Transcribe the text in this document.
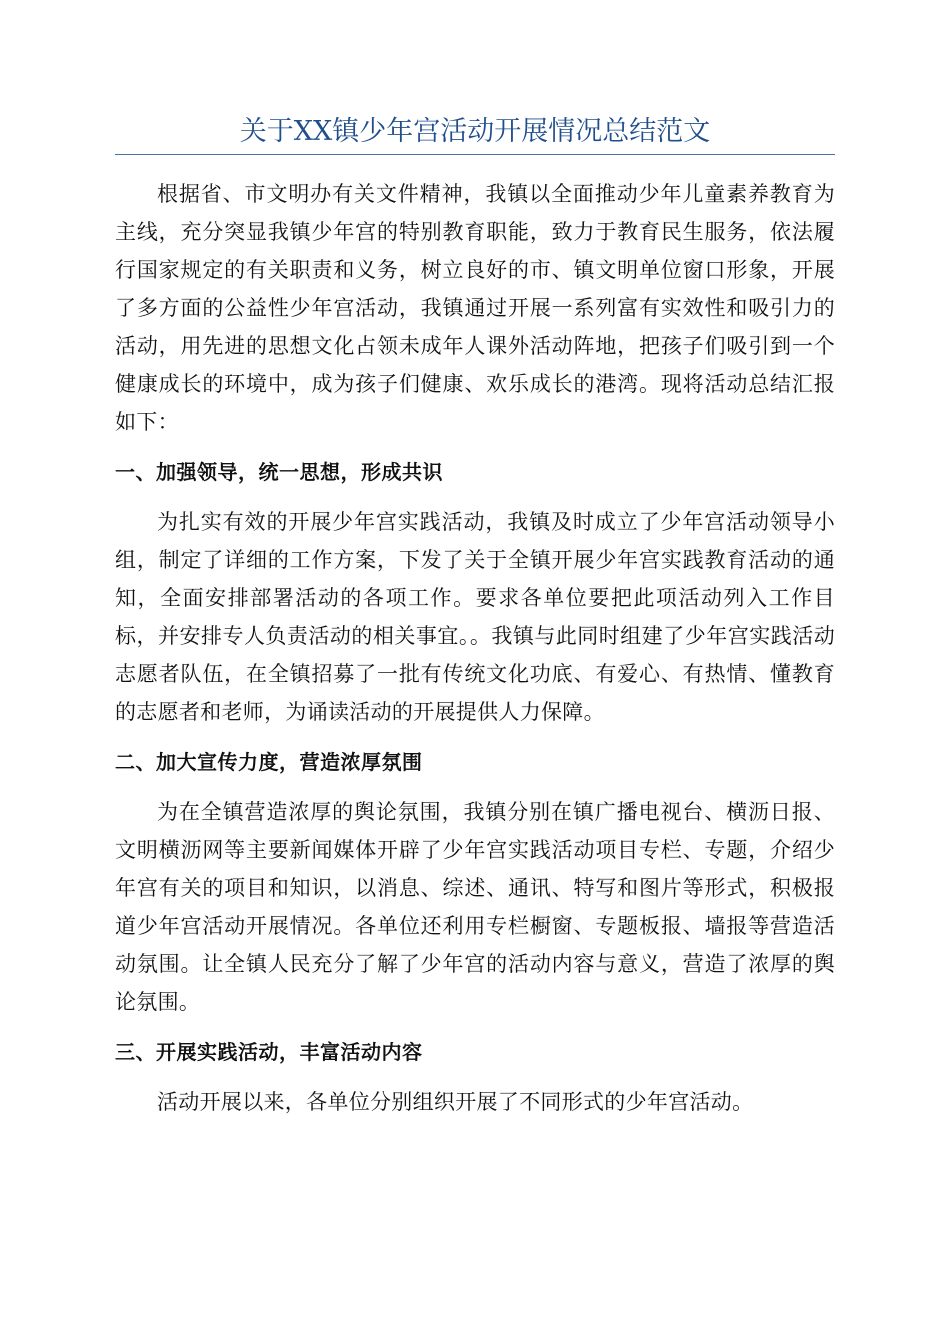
关于XX镇少年宫活动开展情况总结范文

根据省、市文明办有关文件精神，我镇以全面推动少年儿童素养教育为主线，充分突显我镇少年宫的特别教育职能，致力于教育民生服务，依法履行国家规定的有关职责和义务，树立良好的市、镇文明单位窗口形象，开展了多方面的公益性少年宫活动，我镇通过开展一系列富有实效性和吸引力的活动，用先进的思想文化占领未成年人课外活动阵地，把孩子们吸引到一个健康成长的环境中，成为孩子们健康、欢乐成长的港湾。现将活动总结汇报如下：

一、加强领导，统一思想，形成共识

为扎实有效的开展少年宫实践活动，我镇及时成立了少年宫活动领导小组，制定了详细的工作方案，下发了关于全镇开展少年宫实践教育活动的通知，全面安排部署活动的各项工作。要求各单位要把此项活动列入工作目标，并安排专人负责活动的相关事宜。。我镇与此同时组建了少年宫实践活动志愿者队伍，在全镇招募了一批有传统文化功底、有爱心、有热情、懂教育的志愿者和老师，为诵读活动的开展提供人力保障。

二、加大宣传力度，营造浓厚氛围

为在全镇营造浓厚的舆论氛围，我镇分别在镇广播电视台、横沥日报、文明横沥网等主要新闻媒体开辟了少年宫实践活动项目专栏、专题，介绍少年宫有关的项目和知识，以消息、综述、通讯、特写和图片等形式，积极报道少年宫活动开展情况。各单位还利用专栏橱窗、专题板报、墙报等营造活动氛围。让全镇人民充分了解了少年宫的活动内容与意义，营造了浓厚的舆论氛围。

三、开展实践活动，丰富活动内容

活动开展以来，各单位分别组织开展了不同形式的少年宫活动。
